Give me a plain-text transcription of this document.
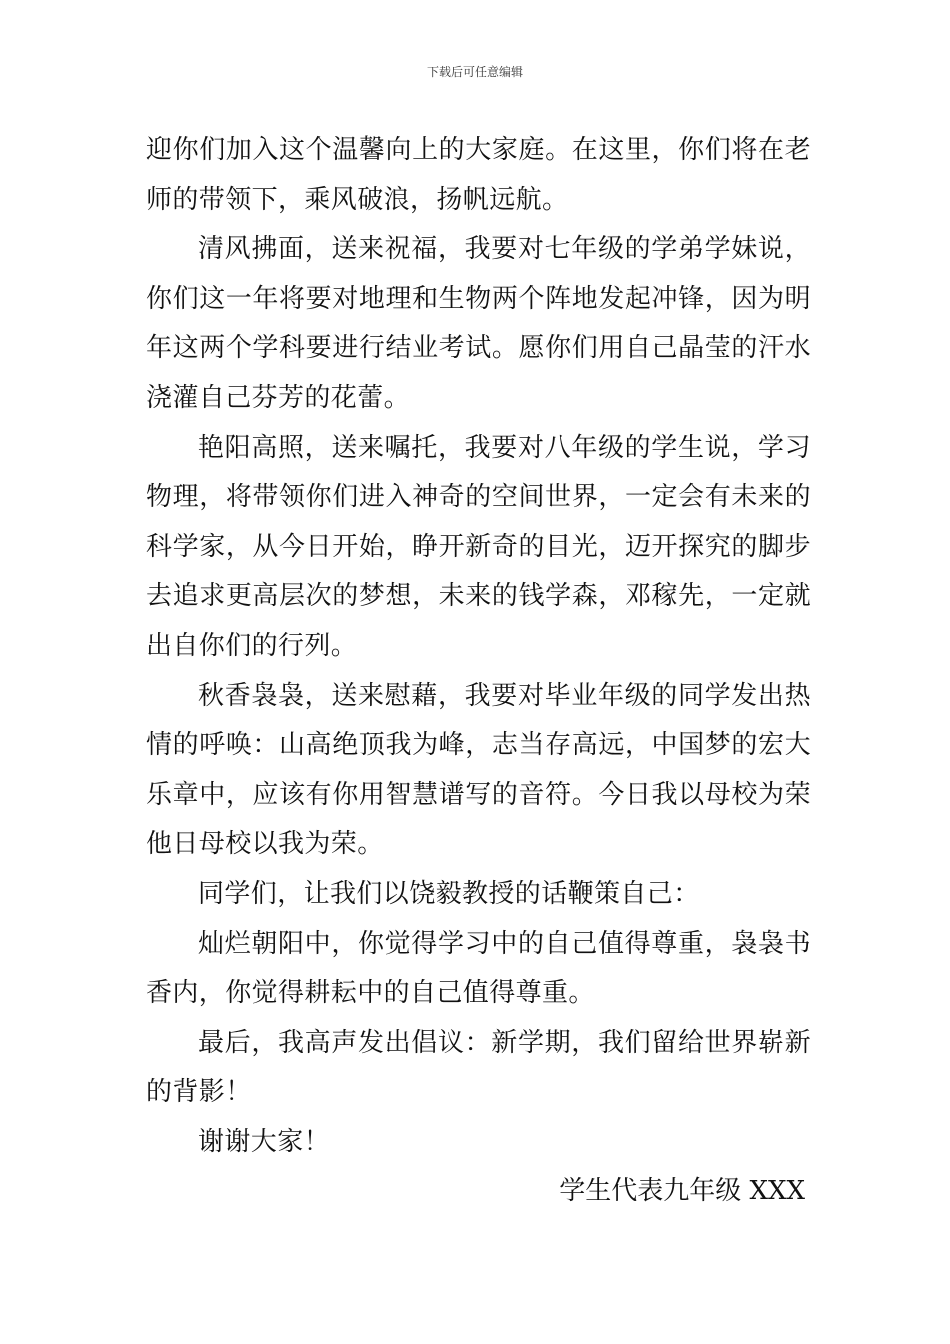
下载后可任意编辑

迎你们加入这个温馨向上的大家庭。在这里，你们将在老师的带领下，乘风破浪，扬帆远航。

清风拂面，送来祝福，我要对七年级的学弟学妹说，你们这一年将要对地理和生物两个阵地发起冲锋，因为明年这两个学科要进行结业考试。愿你们用自己晶莹的汗水浇灌自己芬芳的花蕾。

艳阳高照，送来嘱托，我要对八年级的学生说，学习物理，将带领你们进入神奇的空间世界，一定会有未来的科学家，从今日开始，睁开新奇的目光，迈开探究的脚步去追求更高层次的梦想，未来的钱学森，邓稼先，一定就出自你们的行列。

秋香袅袅，送来慰藉，我要对毕业年级的同学发出热情的呼唤：山高绝顶我为峰，志当存高远，中国梦的宏大乐章中，应该有你用智慧谱写的音符。今日我以母校为荣他日母校以我为荣。

同学们，让我们以饶毅教授的话鞭策自己：

灿烂朝阳中，你觉得学习中的自己值得尊重，袅袅书香内，你觉得耕耘中的自己值得尊重。

最后，我高声发出倡议：新学期，我们留给世界崭新的背影！

谢谢大家！

学生代表九年级 XXX
